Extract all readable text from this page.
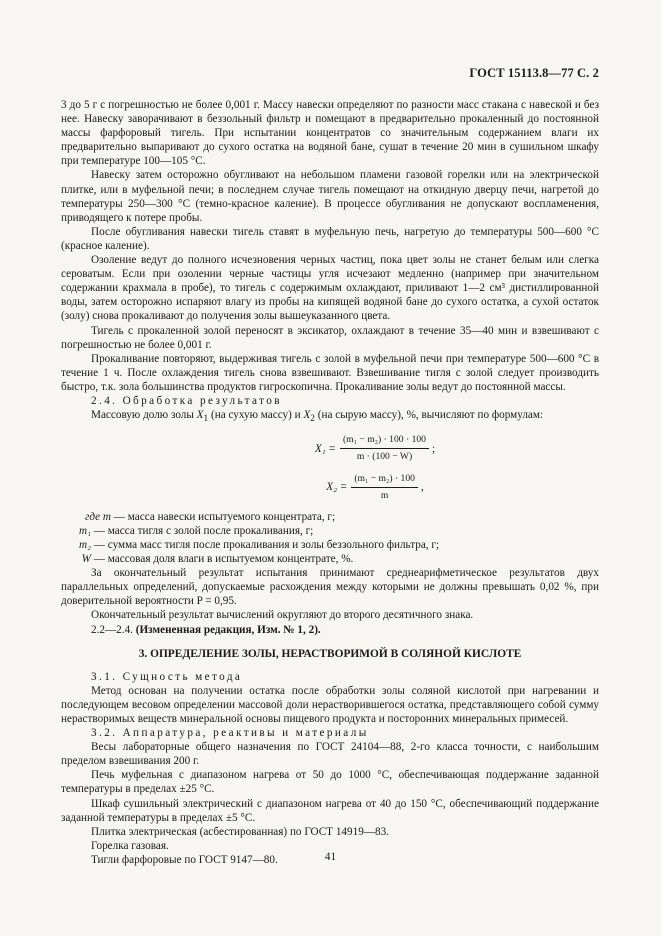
ГОСТ 15113.8—77 С. 2

3 до 5 г с погрешностью не более 0,001 г. Массу навески определяют по разности масс стакана с навеской и без нее. Навеску заворачивают в беззольный фильтр и помещают в предварительно прокаленный до постоянной массы фарфоровый тигель. При испытании концентратов со значительным содержанием влаги их предварительно выпаривают до сухого остатка на водяной бане, сушат в течение 20 мин в сушильном шкафу при температуре 100—105 °С.

Навеску затем осторожно обугливают на небольшом пламени газовой горелки или на электрической плитке, или в муфельной печи; в последнем случае тигель помещают на откидную дверцу печи, нагретой до температуры 250—300 °С (темно-красное каление). В процессе обугливания не допускают воспламенения, приводящего к потере пробы.

После обугливания навески тигель ставят в муфельную печь, нагретую до температуры 500—600 °С (красное каление).

Озоление ведут до полного исчезновения черных частиц, пока цвет золы не станет белым или слегка сероватым. Если при озолении черные частицы угля исчезают медленно (например при значительном содержании крахмала в пробе), то тигель с содержимым охлаждают, приливают 1—2 см³ дистиллированной воды, затем осторожно испаряют влагу из пробы на кипящей водяной бане до сухого остатка, а сухой остаток (золу) снова прокаливают до получения золы вышеуказанного цвета.

Тигель с прокаленной золой переносят в эксикатор, охлаждают в течение 35—40 мин и взвешивают с погрешностью не более 0,001 г.

Прокаливание повторяют, выдерживая тигель с золой в муфельной печи при температуре 500—600 °С в течение 1 ч. После охлаждения тигель снова взвешивают. Взвешивание тигля с золой следует производить быстро, т.к. зола большинства продуктов гигроскопична. Прокаливание золы ведут до постоянной массы.

2.4. Обработка результатов

Массовую долю золы $X_1$ (на сухую массу) и $X_2$ (на сырую массу), %, вычисляют по формулам:

$X_1 = \frac{\text{(m₁ − m₂) · 100 · 100}}{m \cdot (100 - W)}$ ;
$X_2 = \frac{\text{(m₁ − m₂) · 100}}{m}$ ,

где m — масса навески испытуемого концентрата, г;

m₁ — масса тигля с золой после прокаливания, г;

m₂ — сумма масс тигля после прокаливания и золы беззольного фильтра, г;

W — массовая доля влаги в испытуемом концентрате, %.

За окончательный результат испытания принимают среднеарифметическое результатов двух параллельных определений, допускаемые расхождения между которыми не должны превышать 0,02 %, при доверительной вероятности P = 0,95.

Окончательный результат вычислений округляют до второго десятичного знака.

2.2—2.4. (Измененная редакция, Изм. № 1, 2).

3. ОПРЕДЕЛЕНИЕ ЗОЛЫ, НЕРАСТВОРИМОЙ В СОЛЯНОЙ КИСЛОТЕ

3.1. Сущность метода

Метод основан на получении остатка после обработки золы соляной кислотой при нагревании и последующем весовом определении массовой доли нерастворившегося остатка, представляющего собой сумму нерастворимых веществ минеральной основы пищевого продукта и посторонних минеральных примесей.

3.2. Аппаратура, реактивы и материалы

Весы лабораторные общего назначения по ГОСТ 24104—88, 2-го класса точности, с наибольшим пределом взвешивания 200 г.

Печь муфельная с диапазоном нагрева от 50 до 1000 °С, обеспечивающая поддержание заданной температуры в пределах ±25 °С.

Шкаф сушильный электрический с диапазоном нагрева от 40 до 150 °С, обеспечивающий поддержание заданной температуры в пределах ±5 °С.

Плитка электрическая (асбестированная) по ГОСТ 14919—83.

Горелка газовая.

Тигли фарфоровые по ГОСТ 9147—80.	41
